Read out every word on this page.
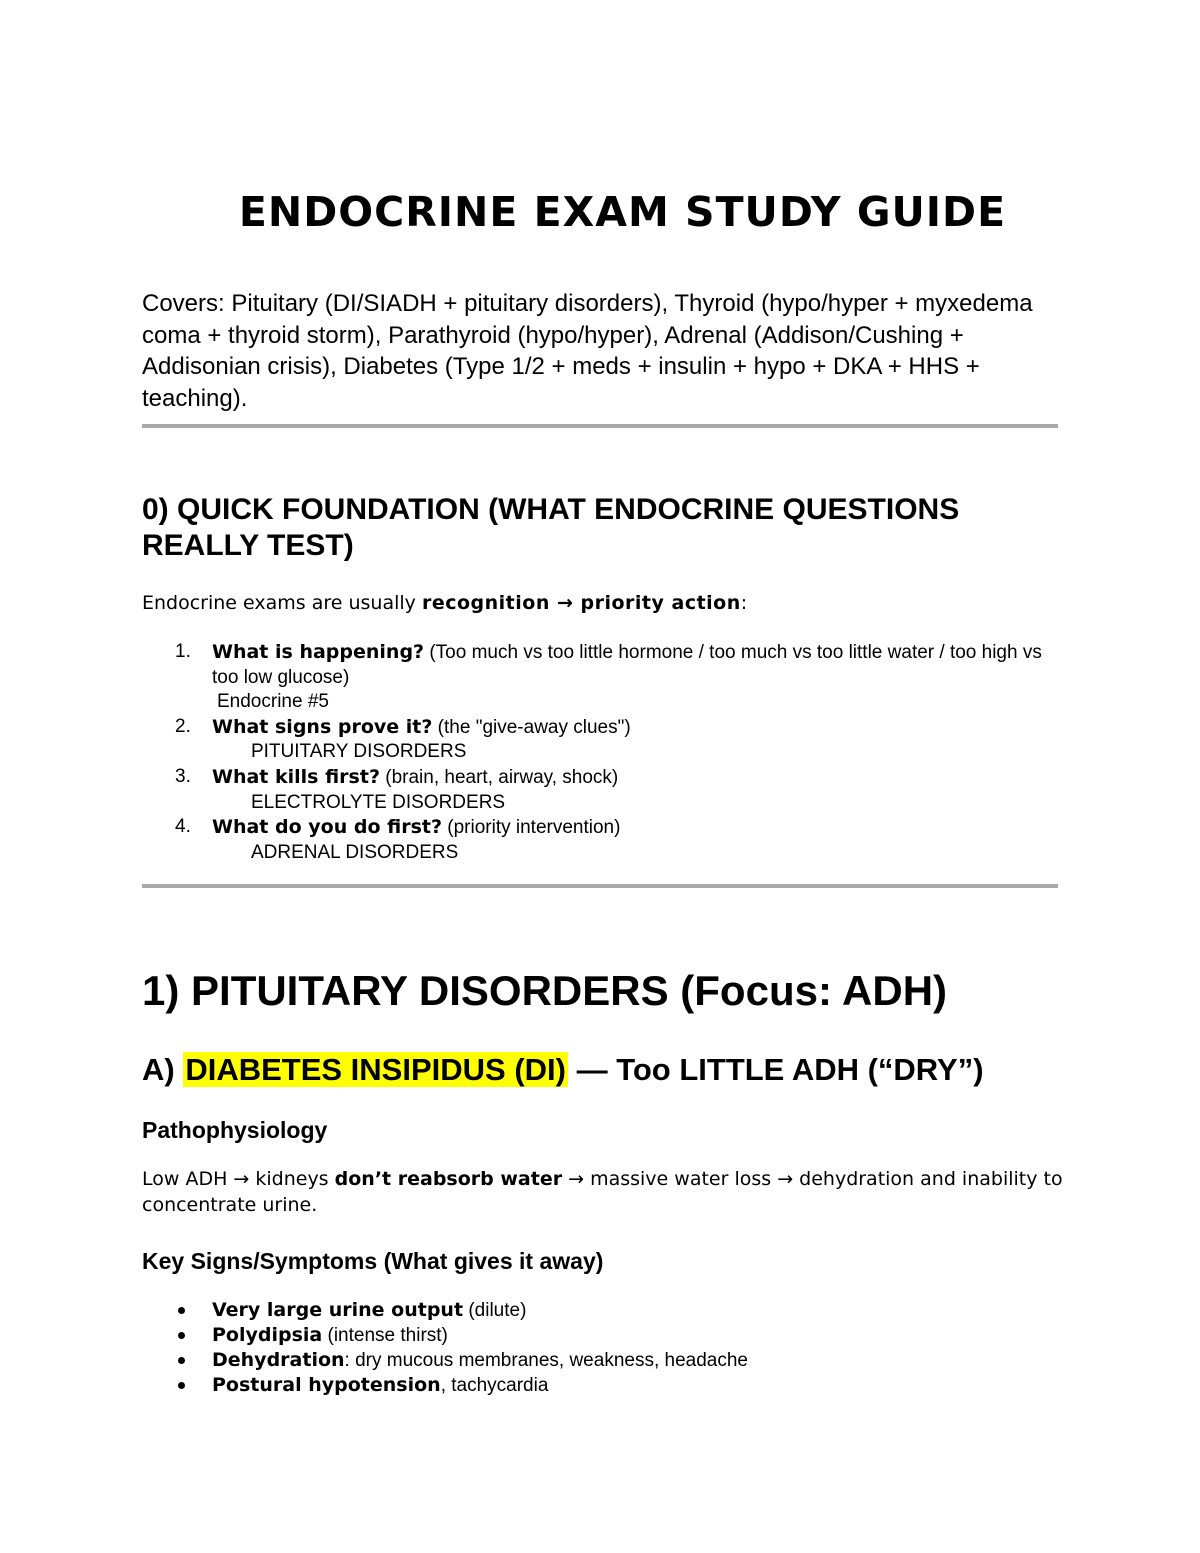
ENDOCRINE EXAM STUDY GUIDE

Covers: Pituitary (DI/SIADH + pituitary disorders), Thyroid (hypo/hyper + myxedema coma + thyroid storm), Parathyroid (hypo/hyper), Adrenal (Addison/Cushing + Addisonian crisis), Diabetes (Type 1/2 + meds + insulin + hypo + DKA + HHS + teaching).

0) QUICK FOUNDATION (WHAT ENDOCRINE QUESTIONS REALLY TEST)

Endocrine exams are usually recognition → priority action:

1. What is happening? (Too much vs too little hormone / too much vs too little water / too high vs too low glucose)
Endocrine #5
2. What signs prove it? (the "give-away clues")
PITUITARY DISORDERS
3. What kills first? (brain, heart, airway, shock)
ELECTROLYTE DISORDERS
4. What do you do first? (priority intervention)
ADRENAL DISORDERS
1) PITUITARY DISORDERS (Focus: ADH)
A) DIABETES INSIPIDUS (DI) — Too LITTLE ADH (“DRY”)
Pathophysiology

Low ADH → kidneys don’t reabsorb water → massive water loss → dehydration and inability to concentrate urine.

Key Signs/Symptoms (What gives it away)
Very large urine output (dilute)
Polydipsia (intense thirst)
Dehydration: dry mucous membranes, weakness, headache
Postural hypotension, tachycardia
